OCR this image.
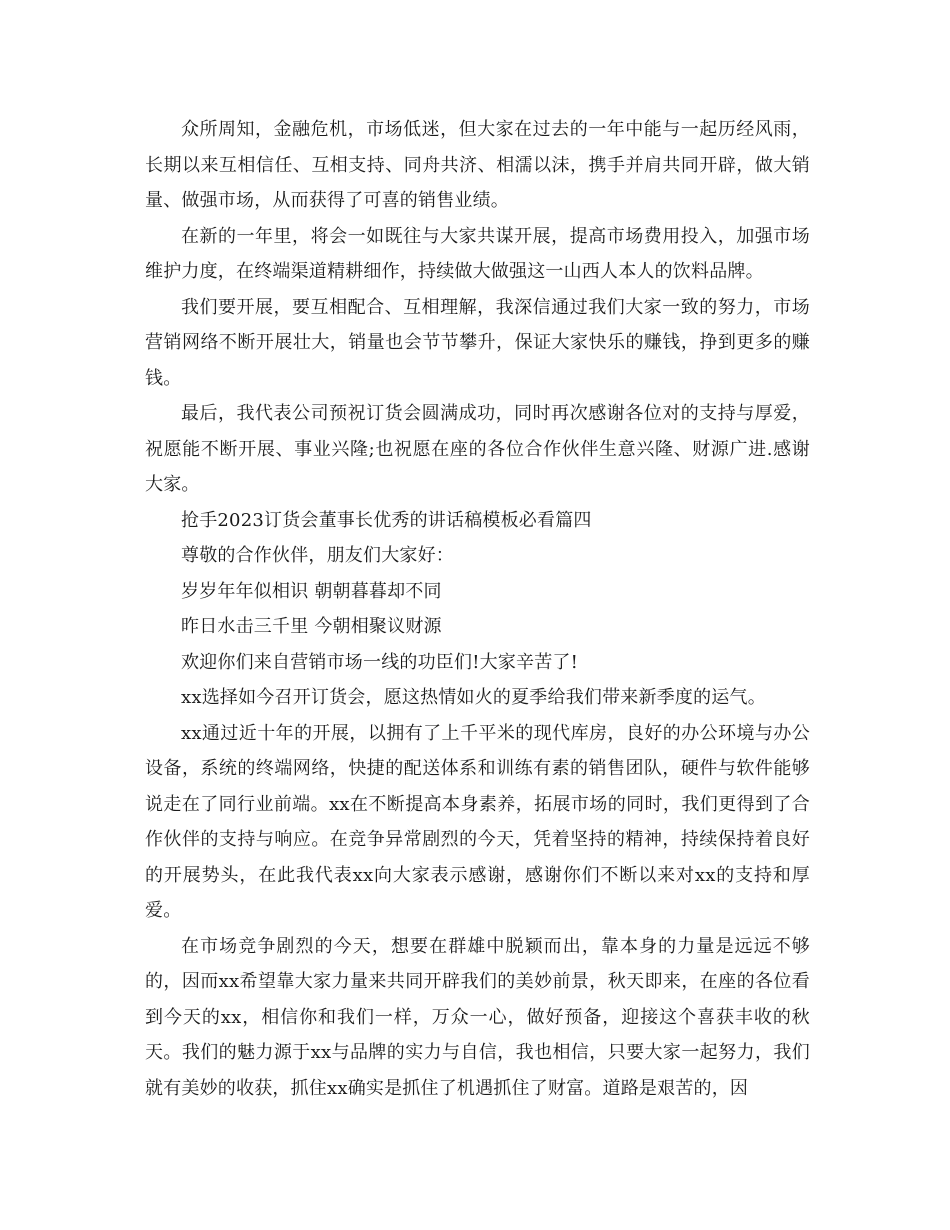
众所周知，金融危机，市场低迷，但大家在过去的一年中能与一起历经风雨，长期以来互相信任、互相支持、同舟共济、相濡以沫，携手并肩共同开辟，做大销量、做强市场，从而获得了可喜的销售业绩。

在新的一年里，将会一如既往与大家共谋开展，提高市场费用投入，加强市场维护力度，在终端渠道精耕细作，持续做大做强这一山西人本人的饮料品牌。

我们要开展，要互相配合、互相理解，我深信通过我们大家一致的努力，市场营销网络不断开展壮大，销量也会节节攀升，保证大家快乐的赚钱，挣到更多的赚钱。

最后，我代表公司预祝订货会圆满成功，同时再次感谢各位对的支持与厚爱，祝愿能不断开展、事业兴隆;也祝愿在座的各位合作伙伴生意兴隆、财源广进.感谢大家。

抢手2023订货会董事长优秀的讲话稿模板必看篇四

尊敬的合作伙伴，朋友们大家好：

岁岁年年似相识 朝朝暮暮却不同

昨日水击三千里 今朝相聚议财源

欢迎你们来自营销市场一线的功臣们!大家辛苦了!

xx选择如今召开订货会，愿这热情如火的夏季给我们带来新季度的运气。

xx通过近十年的开展，以拥有了上千平米的现代库房，良好的办公环境与办公设备，系统的终端网络，快捷的配送体系和训练有素的销售团队，硬件与软件能够说走在了同行业前端。xx在不断提高本身素养，拓展市场的同时，我们更得到了合作伙伴的支持与响应。在竞争异常剧烈的今天，凭着坚持的精神，持续保持着良好的开展势头，在此我代表xx向大家表示感谢，感谢你们不断以来对xx的支持和厚爱。

在市场竞争剧烈的今天，想要在群雄中脱颖而出，靠本身的力量是远远不够的，因而xx希望靠大家力量来共同开辟我们的美妙前景，秋天即来，在座的各位看到今天的xx，相信你和我们一样，万众一心，做好预备，迎接这个喜获丰收的秋天。我们的魅力源于xx与品牌的实力与自信，我也相信，只要大家一起努力，我们就有美妙的收获，抓住xx确实是抓住了机遇抓住了财富。道路是艰苦的，因
